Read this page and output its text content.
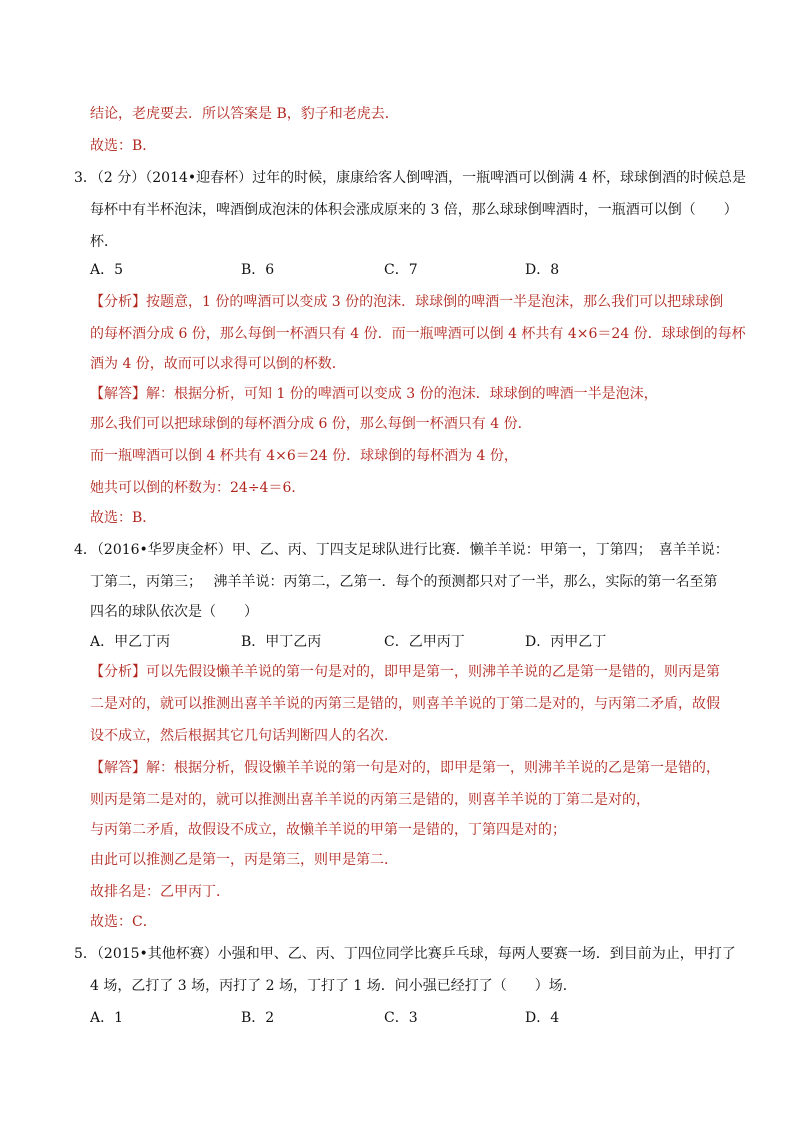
结论，老虎要去．所以答案是 B，豹子和老虎去．
故选：B．
3．（2 分）（2014•迎春杯）过年的时候，康康给客人倒啤酒，一瓶啤酒可以倒满 4 杯，球球倒酒的时候总是
每杯中有半杯泡沫，啤酒倒成泡沫的体积会涨成原来的 3 倍，那么球球倒啤酒时，一瓶酒可以倒（　　）
杯．
A．5	B．6	C．7	D．8
【分析】按题意，1 份的啤酒可以变成 3 份的泡沫．球球倒的啤酒一半是泡沫，那么我们可以把球球倒
的每杯酒分成 6 份，那么每倒一杯酒只有 4 份．而一瓶啤酒可以倒 4 杯共有 4×6＝24 份．球球倒的每杯
酒为 4 份，故而可以求得可以倒的杯数．
【解答】解：根据分析，可知 1 份的啤酒可以变成 3 份的泡沫．球球倒的啤酒一半是泡沫，
那么我们可以把球球倒的每杯酒分成 6 份，那么每倒一杯酒只有 4 份．
而一瓶啤酒可以倒 4 杯共有 4×6＝24 份．球球倒的每杯酒为 4 份，
她共可以倒的杯数为：24÷4＝6．
故选：B．
4．（2016•华罗庚金杯）甲、乙、丙、丁四支足球队进行比赛．懒羊羊说：甲第一，丁第四；　喜羊羊说：
丁第二，丙第三；　 沸羊羊说：丙第二，乙第一．每个的预测都只对了一半，那么，实际的第一名至第
四名的球队依次是（　　）
A．甲乙丁丙	B．甲丁乙丙	C．乙甲丙丁	D．丙甲乙丁
【分析】可以先假设懒羊羊说的第一句是对的，即甲是第一，则沸羊羊说的乙是第一是错的，则丙是第
二是对的，就可以推测出喜羊羊说的丙第三是错的，则喜羊羊说的丁第二是对的，与丙第二矛盾，故假
设不成立，然后根据其它几句话判断四人的名次．
【解答】解：根据分析，假设懒羊羊说的第一句是对的，即甲是第一，则沸羊羊说的乙是第一是错的，
则丙是第二是对的，就可以推测出喜羊羊说的丙第三是错的，则喜羊羊说的丁第二是对的，
与丙第二矛盾，故假设不成立，故懒羊羊说的甲第一是错的，丁第四是对的；
由此可以推测乙是第一，丙是第三，则甲是第二．
故排名是：乙甲丙丁．
故选：C．
5．（2015•其他杯赛）小强和甲、乙、丙、丁四位同学比赛乒乓球，每两人要赛一场．到目前为止，甲打了
4 场，乙打了 3 场，丙打了 2 场，丁打了 1 场．问小强已经打了（　　）场．
A．1	B．2	C．3	D．4
